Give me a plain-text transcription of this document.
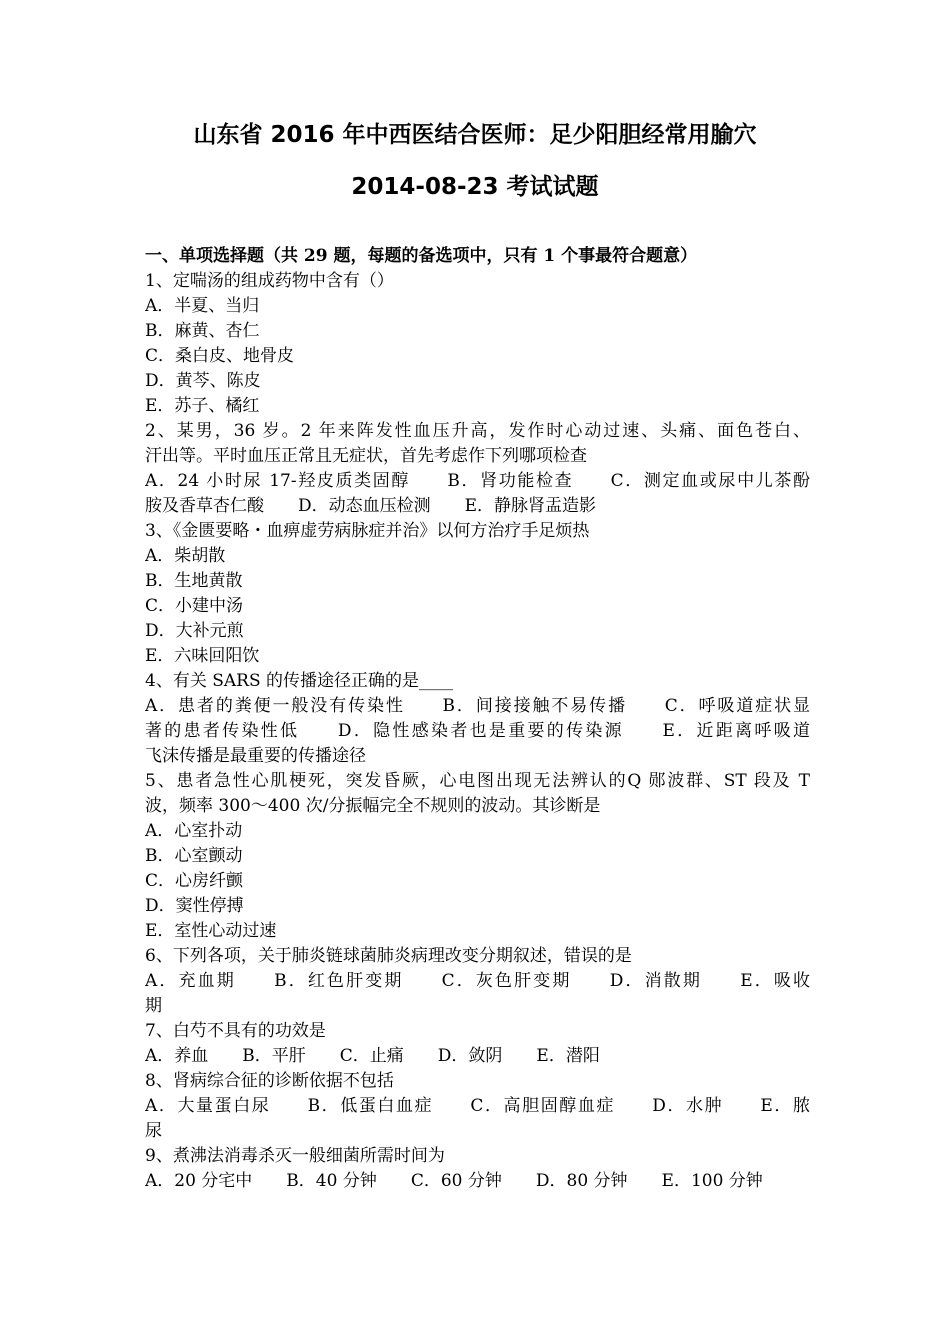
山东省 2016 年中西医结合医师：足少阳胆经常用腧穴
2014-08-23 考试试题
一、单项选择题（共 29 题，每题的备选项中，只有 1 个事最符合题意）
1、定喘汤的组成药物中含有（）
A．半夏、当归
B．麻黄、杏仁
C．桑白皮、地骨皮
D．黄芩、陈皮
E．苏子、橘红
2、某男，36 岁。2 年来阵发性血压升高，发作时心动过速、头痛、面色苍白、
汗出等。平时血压正常且无症状，首先考虑作下列哪项检查
A．24 小时尿 17-羟皮质类固醇　　B．肾功能检查　　C．测定血或尿中儿茶酚
胺及香草杏仁酸　　D．动态血压检测　　E．静脉肾盂造影
3、《金匮要略・血痹虚劳病脉症并治》以何方治疗手足烦热
A．柴胡散
B．生地黄散
C．小建中汤
D．大补元煎
E．六味回阳饮
4、有关 SARS 的传播途径正确的是____
A．患者的粪便一般没有传染性　　B．间接接触不易传播　　C．呼吸道症状显
著的患者传染性低　　D．隐性感染者也是重要的传染源　　E．近距离呼吸道
飞沫传播是最重要的传播途径
5、患者急性心肌梗死，突发昏厥，心电图出现无法辨认的Q 郧波群、ST 段及 T
波，频率 300～400 次/分振幅完全不规则的波动。其诊断是
A．心室扑动
B．心室颤动
C．心房纤颤
D．窦性停搏
E．室性心动过速
6、下列各项，关于肺炎链球菌肺炎病理改变分期叙述，错误的是
A．充血期　　B．红色肝变期　　C．灰色肝变期　　D．消散期　　E．吸收
期
7、白芍不具有的功效是
A．养血　　B．平肝　　C．止痛　　D．敛阴　　E．潜阳
8、肾病综合征的诊断依据不包括
A．大量蛋白尿　　B．低蛋白血症　　C．高胆固醇血症　　D．水肿　　E．脓
尿
9、煮沸法消毒杀灭一般细菌所需时间为
A．20 分宅中　　B．40 分钟　　C．60 分钟　　D．80 分钟　　E．100 分钟
